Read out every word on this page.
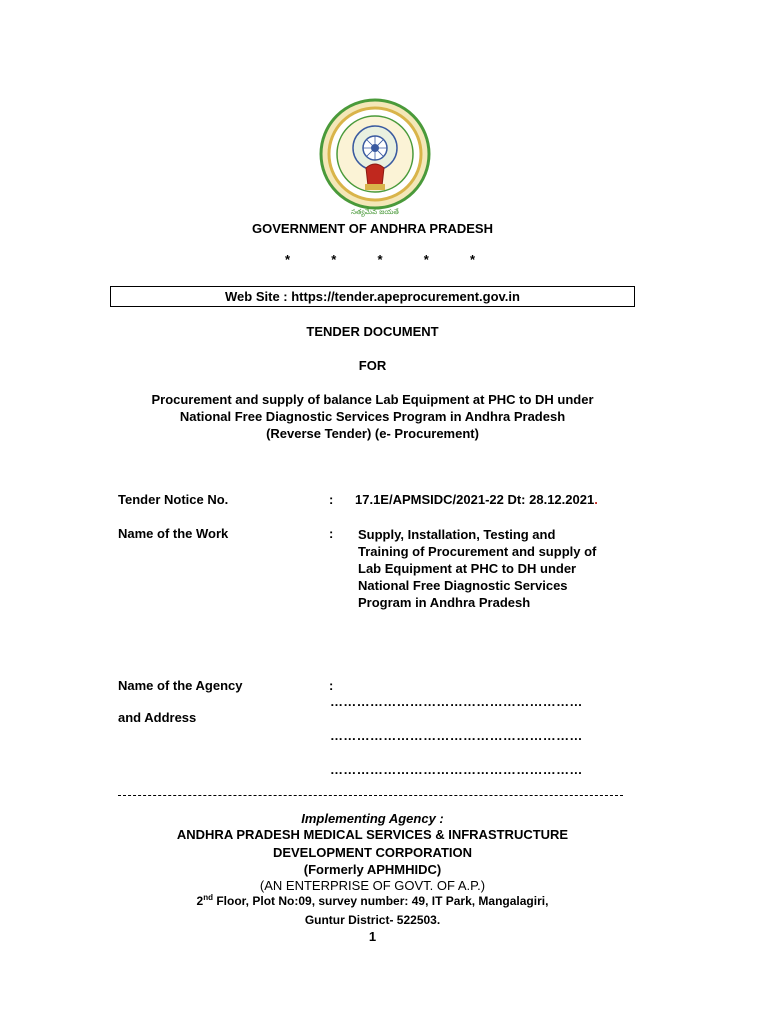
సత్యమేవ జయతే
GOVERNMENT OF ANDHRA PRADESH
*	*	*	*	*
Web Site : https://tender.apeprocurement.gov.in
TENDER DOCUMENT
FOR
Procurement and supply of balance Lab Equipment at PHC to DH under
National Free Diagnostic Services Program in Andhra Pradesh
(Reverse Tender) (e- Procurement)
Tender Notice No.	: 17.1E/APMSIDC/2021-22 Dt: 28.12.2021.
Name of the Work	: Supply, Installation, Testing and
Training of Procurement and supply of
Lab Equipment at PHC to DH under
National Free Diagnostic Services
Program in Andhra Pradesh
Name of the Agency	:
and Address
…………………………………………………
…………………………………………………
…………………………………………………
Implementing Agency :
ANDHRA PRADESH MEDICAL SERVICES & INFRASTRUCTURE
DEVELOPMENT CORPORATION
(Formerly APHMHIDC)
(AN ENTERPRISE OF GOVT. OF A.P.)
2nd Floor, Plot No:09, survey number: 49, IT Park, Mangalagiri,
Guntur District- 522503.
1
